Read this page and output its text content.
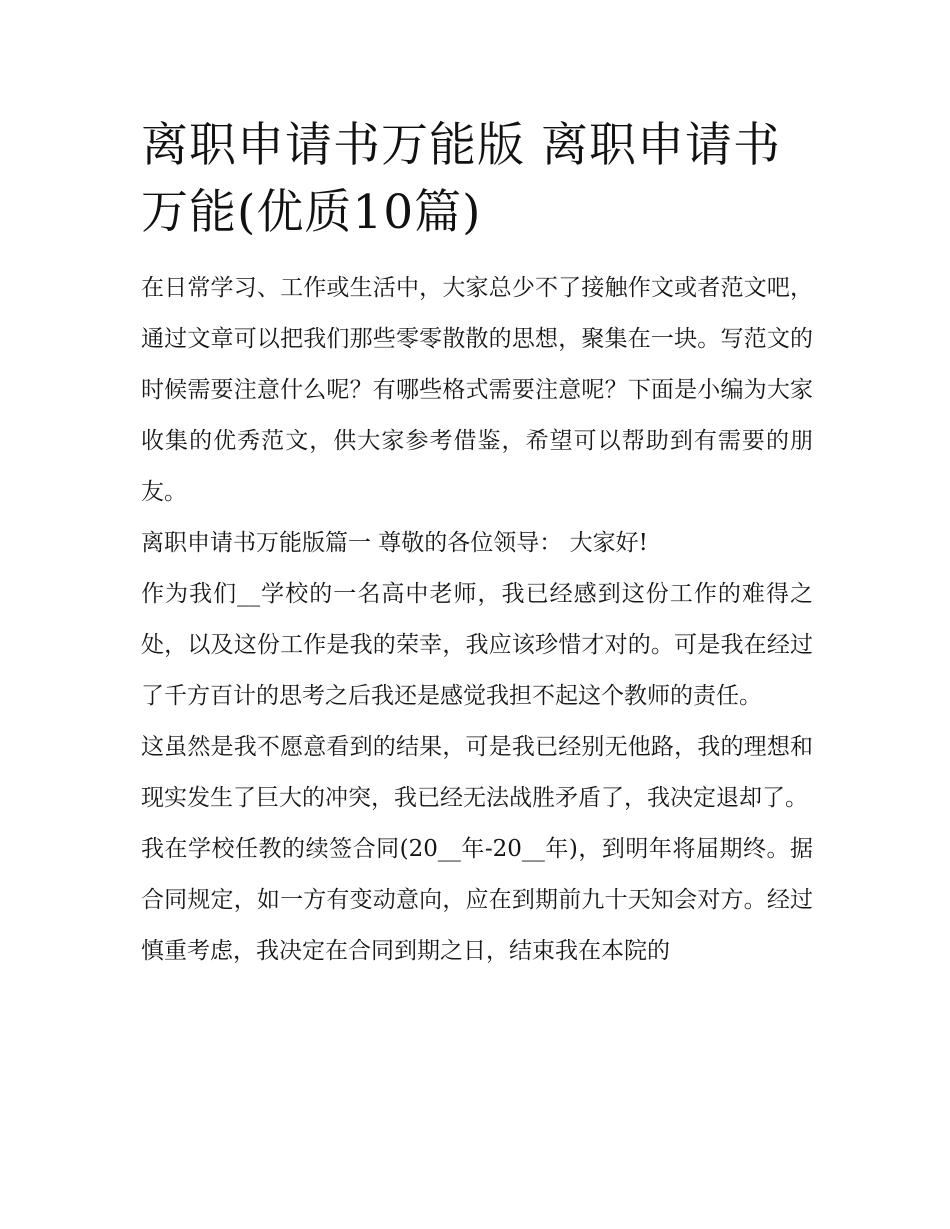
离职申请书万能版 离职申请书万能(优质10篇)

在日常学习、工作或生活中，大家总少不了接触作文或者范文吧，通过文章可以把我们那些零零散散的思想，聚集在一块。写范文的时候需要注意什么呢？有哪些格式需要注意呢？下面是小编为大家收集的优秀范文，供大家参考借鉴，希望可以帮助到有需要的朋友。

离职申请书万能版篇一 尊敬的各位领导： 大家好!

作为我们__学校的一名高中老师，我已经感到这份工作的难得之处，以及这份工作是我的荣幸，我应该珍惜才对的。可是我在经过了千方百计的思考之后我还是感觉我担不起这个教师的责任。

这虽然是我不愿意看到的结果，可是我已经别无他路，我的理想和现实发生了巨大的冲突，我已经无法战胜矛盾了，我决定退却了。

我在学校任教的续签合同(20__年-20__年)，到明年将届期终。据合同规定，如一方有变动意向，应在到期前九十天知会对方。经过慎重考虑，我决定在合同到期之日，结束我在本院的
